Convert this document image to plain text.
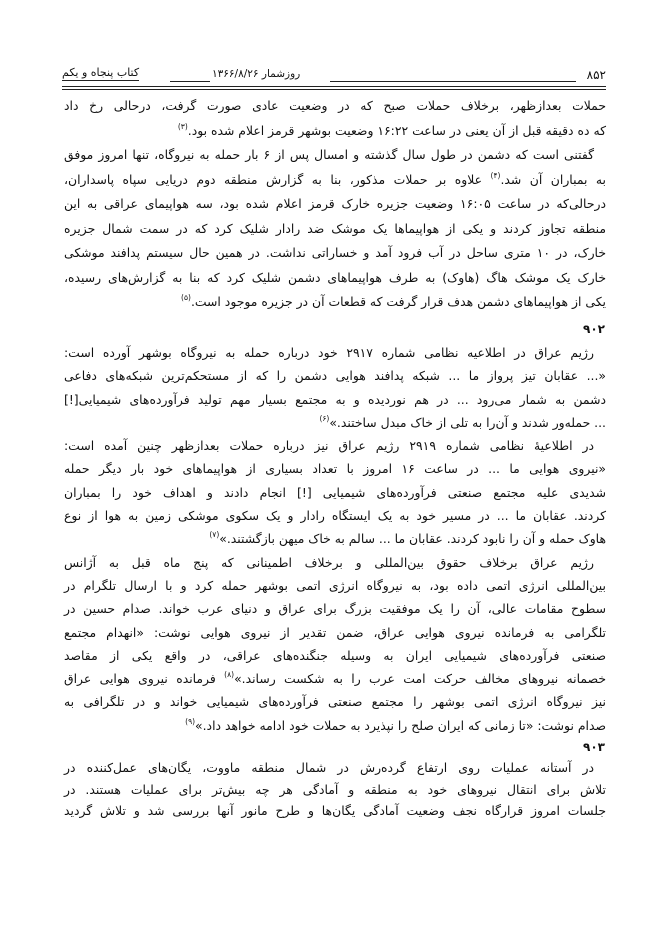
کتاب پنجاه و یکم	روزشمار ۱۳۶۶/۸/۲۶	۸۵۲
حملات بعدازظهر، برخلاف حملات صبح که در وضعیت عادی صورت گرفت، درحالی رخ داد
که ده دقیقه قبل از آن یعنی در ساعت ۱۶:۲۲ وضعیت بوشهر قرمز اعلام شده بود.$^{(۳)}$
گفتنی است که دشمن در طول سال گذشته و امسال پس از ۶ بار حمله به نیروگاه، تنها امروز موفق
به بمباران آن شد.$^{(۴)}$ علاوه بر حملات مذکور، بنا به گزارش منطقه دوم دریایی سپاه پاسداران،
درحالی‌که در ساعت ۱۶:۰۵ وضعیت جزیره خارک قرمز اعلام شده بود، سه هواپیمای عراقی به این
منطقه تجاوز کردند و یکی از هواپیماها یک موشک ضد رادار شلیک کرد که در سمت شمال جزیره
خارک، در ۱۰ متری ساحل در آب فرود آمد و خساراتی نداشت. در همین حال سیستم پدافند موشکی
خارک یک موشک هاگ (هاوک) به طرف هواپیماهای دشمن شلیک کرد که بنا به گزارش‌های رسیده،
یکی از هواپیماهای دشمن هدف قرار گرفت که قطعات آن در جزیره موجود است.$^{(۵)}$
۹۰۲
رژیم عراق در اطلاعیه نظامی شماره ۲۹۱۷ خود درباره حمله به نیروگاه بوشهر آورده است:
«... عقابان تیز پرواز ما ... شبکه پدافند هوایی دشمن را که از مستحکم‌ترین شبکه‌های دفاعی
دشمن به شمار می‌رود ... در هم نوردیده و به مجتمع بسیار مهم تولید فرآورده‌های شیمیایی[!]
... حمله‌ور شدند و آن‌را به تلی از خاک مبدل ساختند.»$^{(۶)}$
در اطلاعیهٔ نظامی شماره ۲۹۱۹ رژیم عراق نیز درباره حملات بعدازظهر چنین آمده است:
«نیروی هوایی ما ... در ساعت ۱۶ امروز با تعداد بسیاری از هواپیماهای خود بار دیگر حمله
شدیدی علیه مجتمع صنعتی فرآورده‌های شیمیایی [!] انجام دادند و اهداف خود را بمباران
کردند. عقابان ما ... در مسیر خود به یک ایستگاه رادار و یک سکوی موشکی زمین به هوا از نوع
هاوک حمله و آن را نابود کردند. عقابان ما ... سالم به خاک میهن بازگشتند.»$^{(۷)}$
رژیم عراق برخلاف حقوق بین‌المللی و برخلاف اطمینانی که پنج ماه قبل به آژانس
بین‌المللی انرژی اتمی داده بود، به نیروگاه انرژی اتمی بوشهر حمله کرد و با ارسال تلگرام در
سطوح مقامات عالی، آن را یک موفقیت بزرگ برای عراق و دنیای عرب خواند. صدام حسین در
تلگرامی به فرمانده نیروی هوایی عراق، ضمن تقدیر از نیروی هوایی نوشت: «انهدام مجتمع
صنعتی فرآورده‌های شیمیایی ایران به وسیله جنگنده‌های عراقی، در واقع یکی از مقاصد
خصمانه نیروهای مخالف حرکت امت عرب را به شکست رساند.»$^{(۸)}$ فرمانده نیروی هوایی عراق
نیز نیروگاه انرژی اتمی بوشهر را مجتمع صنعتی فرآورده‌های شیمیایی خواند و در تلگرافی به
صدام نوشت: «تا زمانی که ایران صلح را نپذیرد به حملات خود ادامه خواهد داد.»$^{(۹)}$
۹۰۳
در آستانه عملیات روی ارتفاع گرده‌رش در شمال منطقه ماووت، یگان‌های عمل‌کننده در
تلاش برای انتقال نیروهای خود به منطقه و آمادگی هر چه بیش‌تر برای عملیات هستند. در
جلسات امروز قرارگاه نجف وضعیت آمادگی یگان‌ها و طرح مانور آنها بررسی شد و تلاش گردید
